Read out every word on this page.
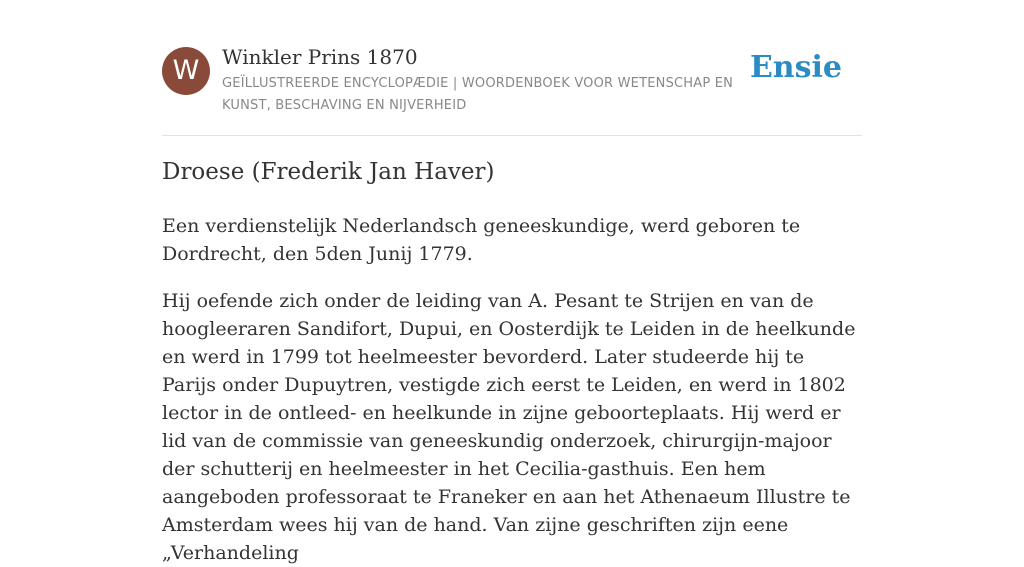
W	Winkler Prins 1870
GEÏLLUSTREERDE ENCYCLOPÆDIE | WOORDENBOEK VOOR WETENSCHAP EN KUNST, BESCHAVING EN NIJVERHEID
Ensie
Droese (Frederik Jan Haver)

Een verdienstelijk Nederlandsch geneeskundige, werd geboren te Dordrecht, den 5den Junij 1779.

Hij oefende zich onder de leiding van A. Pesant te Strijen en van de hoogleeraren Sandifort, Dupui, en Oosterdijk te Leiden in de heelkunde en werd in 1799 tot heelmeester bevorderd. Later studeerde hij te Parijs onder Dupuytren, vestigde zich eerst te Leiden, en werd in 1802 lector in de ontleed- en heelkunde in zijne geboorteplaats. Hij werd er lid van de commissie van geneeskundig onderzoek, chirurgijn-majoor der schutterij en heelmeester in het Cecilia-gasthuis. Een hem aangeboden professoraat te Franeker en aan het Athenaeum Illustre te Amsterdam wees hij van de hand. Van zijne geschriften zijn eene „Verhandeling
